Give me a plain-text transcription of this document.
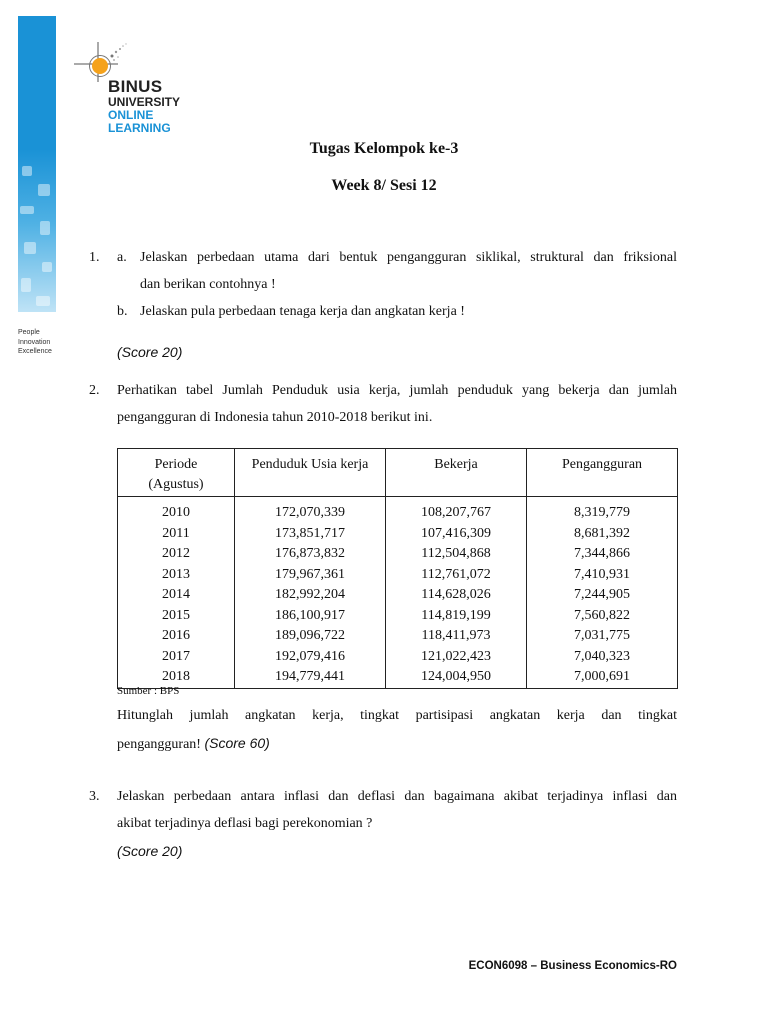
People
Innovation
Excellence
BINUS
UNIVERSITY
ONLINE
LEARNING
Tugas Kelompok ke-3
Week 8/ Sesi 12
1. a. Jelaskan perbedaan utama dari bentuk pengangguran siklikal, struktural dan friksional
dan berikan contohnya !
b. Jelaskan pula perbedaan tenaga kerja dan angkatan kerja !
(Score 20)
2. Perhatikan tabel Jumlah Penduduk usia kerja, jumlah penduduk yang bekerja dan jumlah
pengangguran di Indonesia tahun 2010-2018 berikut ini.
Periode (Agustus)	Penduduk Usia kerja	Bekerja	Pengangguran
2010	172,070,339	108,207,767	8,319,779
2011	173,851,717	107,416,309	8,681,392
2012	176,873,832	112,504,868	7,344,866
2013	179,967,361	112,761,072	7,410,931
2014	182,992,204	114,628,026	7,244,905
2015	186,100,917	114,819,199	7,560,822
2016	189,096,722	118,411,973	7,031,775
2017	192,079,416	121,022,423	7,040,323
2018	194,779,441	124,004,950	7,000,691
Sumber : BPS
Hitunglah jumlah angkatan kerja, tingkat partisipasi angkatan kerja dan tingkat
pengangguran! (Score 60)
3. Jelaskan perbedaan antara inflasi dan deflasi dan bagaimana akibat terjadinya inflasi dan
akibat terjadinya deflasi bagi perekonomian ?
(Score 20)
ECON6098 – Business Economics-RO
